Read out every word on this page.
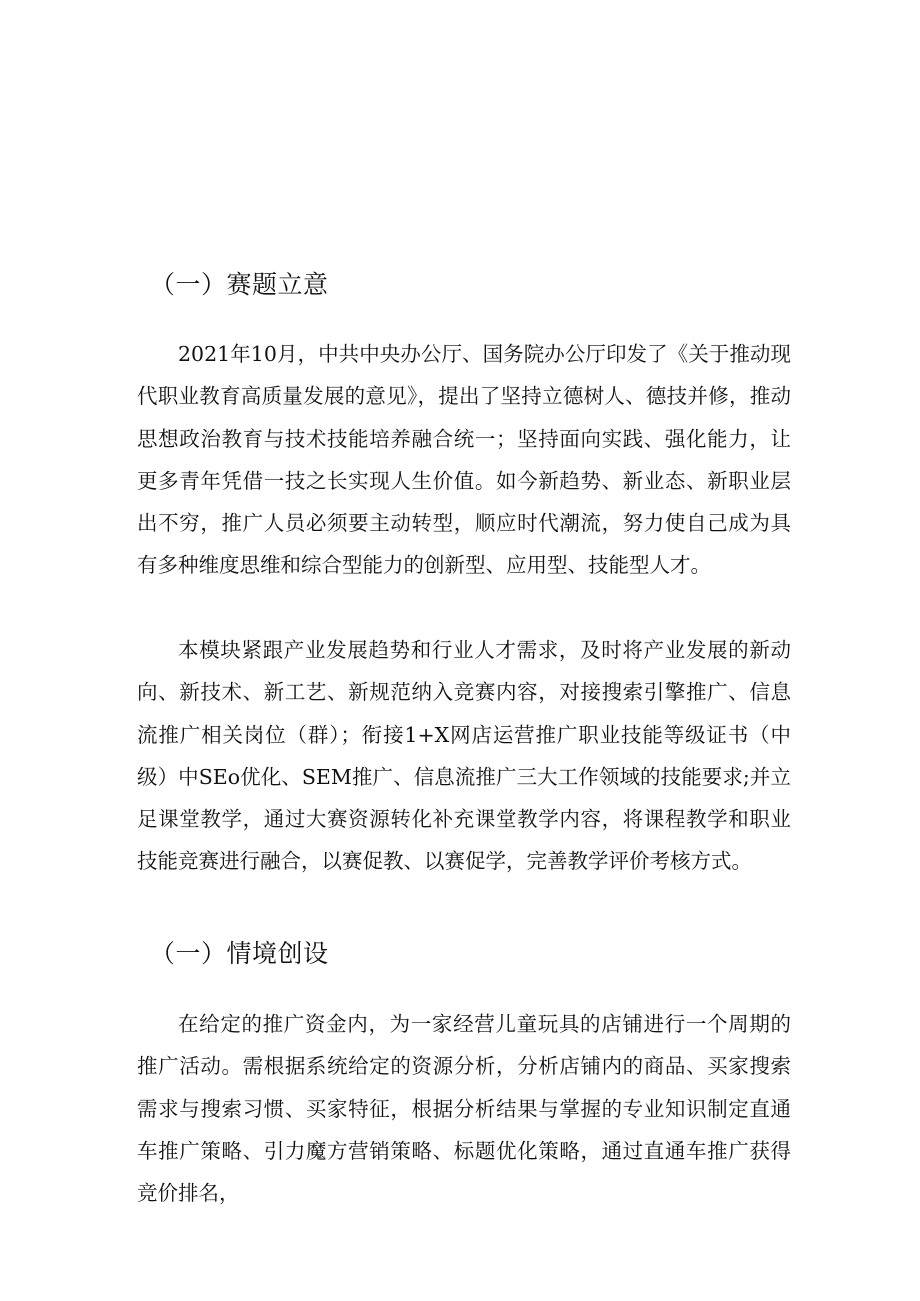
（一）赛题立意

2021年10月，中共中央办公厅、国务院办公厅印发了《关于推动现代职业教育高质量发展的意见》，提出了坚持立德树人、德技并修，推动思想政治教育与技术技能培养融合统一；坚持面向实践、强化能力，让更多青年凭借一技之长实现人生价值。如今新趋势、新业态、新职业层出不穷，推广人员必须要主动转型，顺应时代潮流，努力使自己成为具有多种维度思维和综合型能力的创新型、应用型、技能型人才。

本模块紧跟产业发展趋势和行业人才需求，及时将产业发展的新动向、新技术、新工艺、新规范纳入竞赛内容，对接搜索引擎推广、信息流推广相关岗位（群）；衔接1+X网店运营推广职业技能等级证书（中级）中SEo优化、SEM推广、信息流推广三大工作领域的技能要求;并立足课堂教学，通过大赛资源转化补充课堂教学内容，将课程教学和职业技能竞赛进行融合，以赛促教、以赛促学，完善教学评价考核方式。

（一）情境创设

在给定的推广资金内，为一家经营儿童玩具的店铺进行一个周期的推广活动。需根据系统给定的资源分析，分析店铺内的商品、买家搜索需求与搜索习惯、买家特征，根据分析结果与掌握的专业知识制定直通车推广策略、引力魔方营销策略、标题优化策略，通过直通车推广获得竞价排名，
